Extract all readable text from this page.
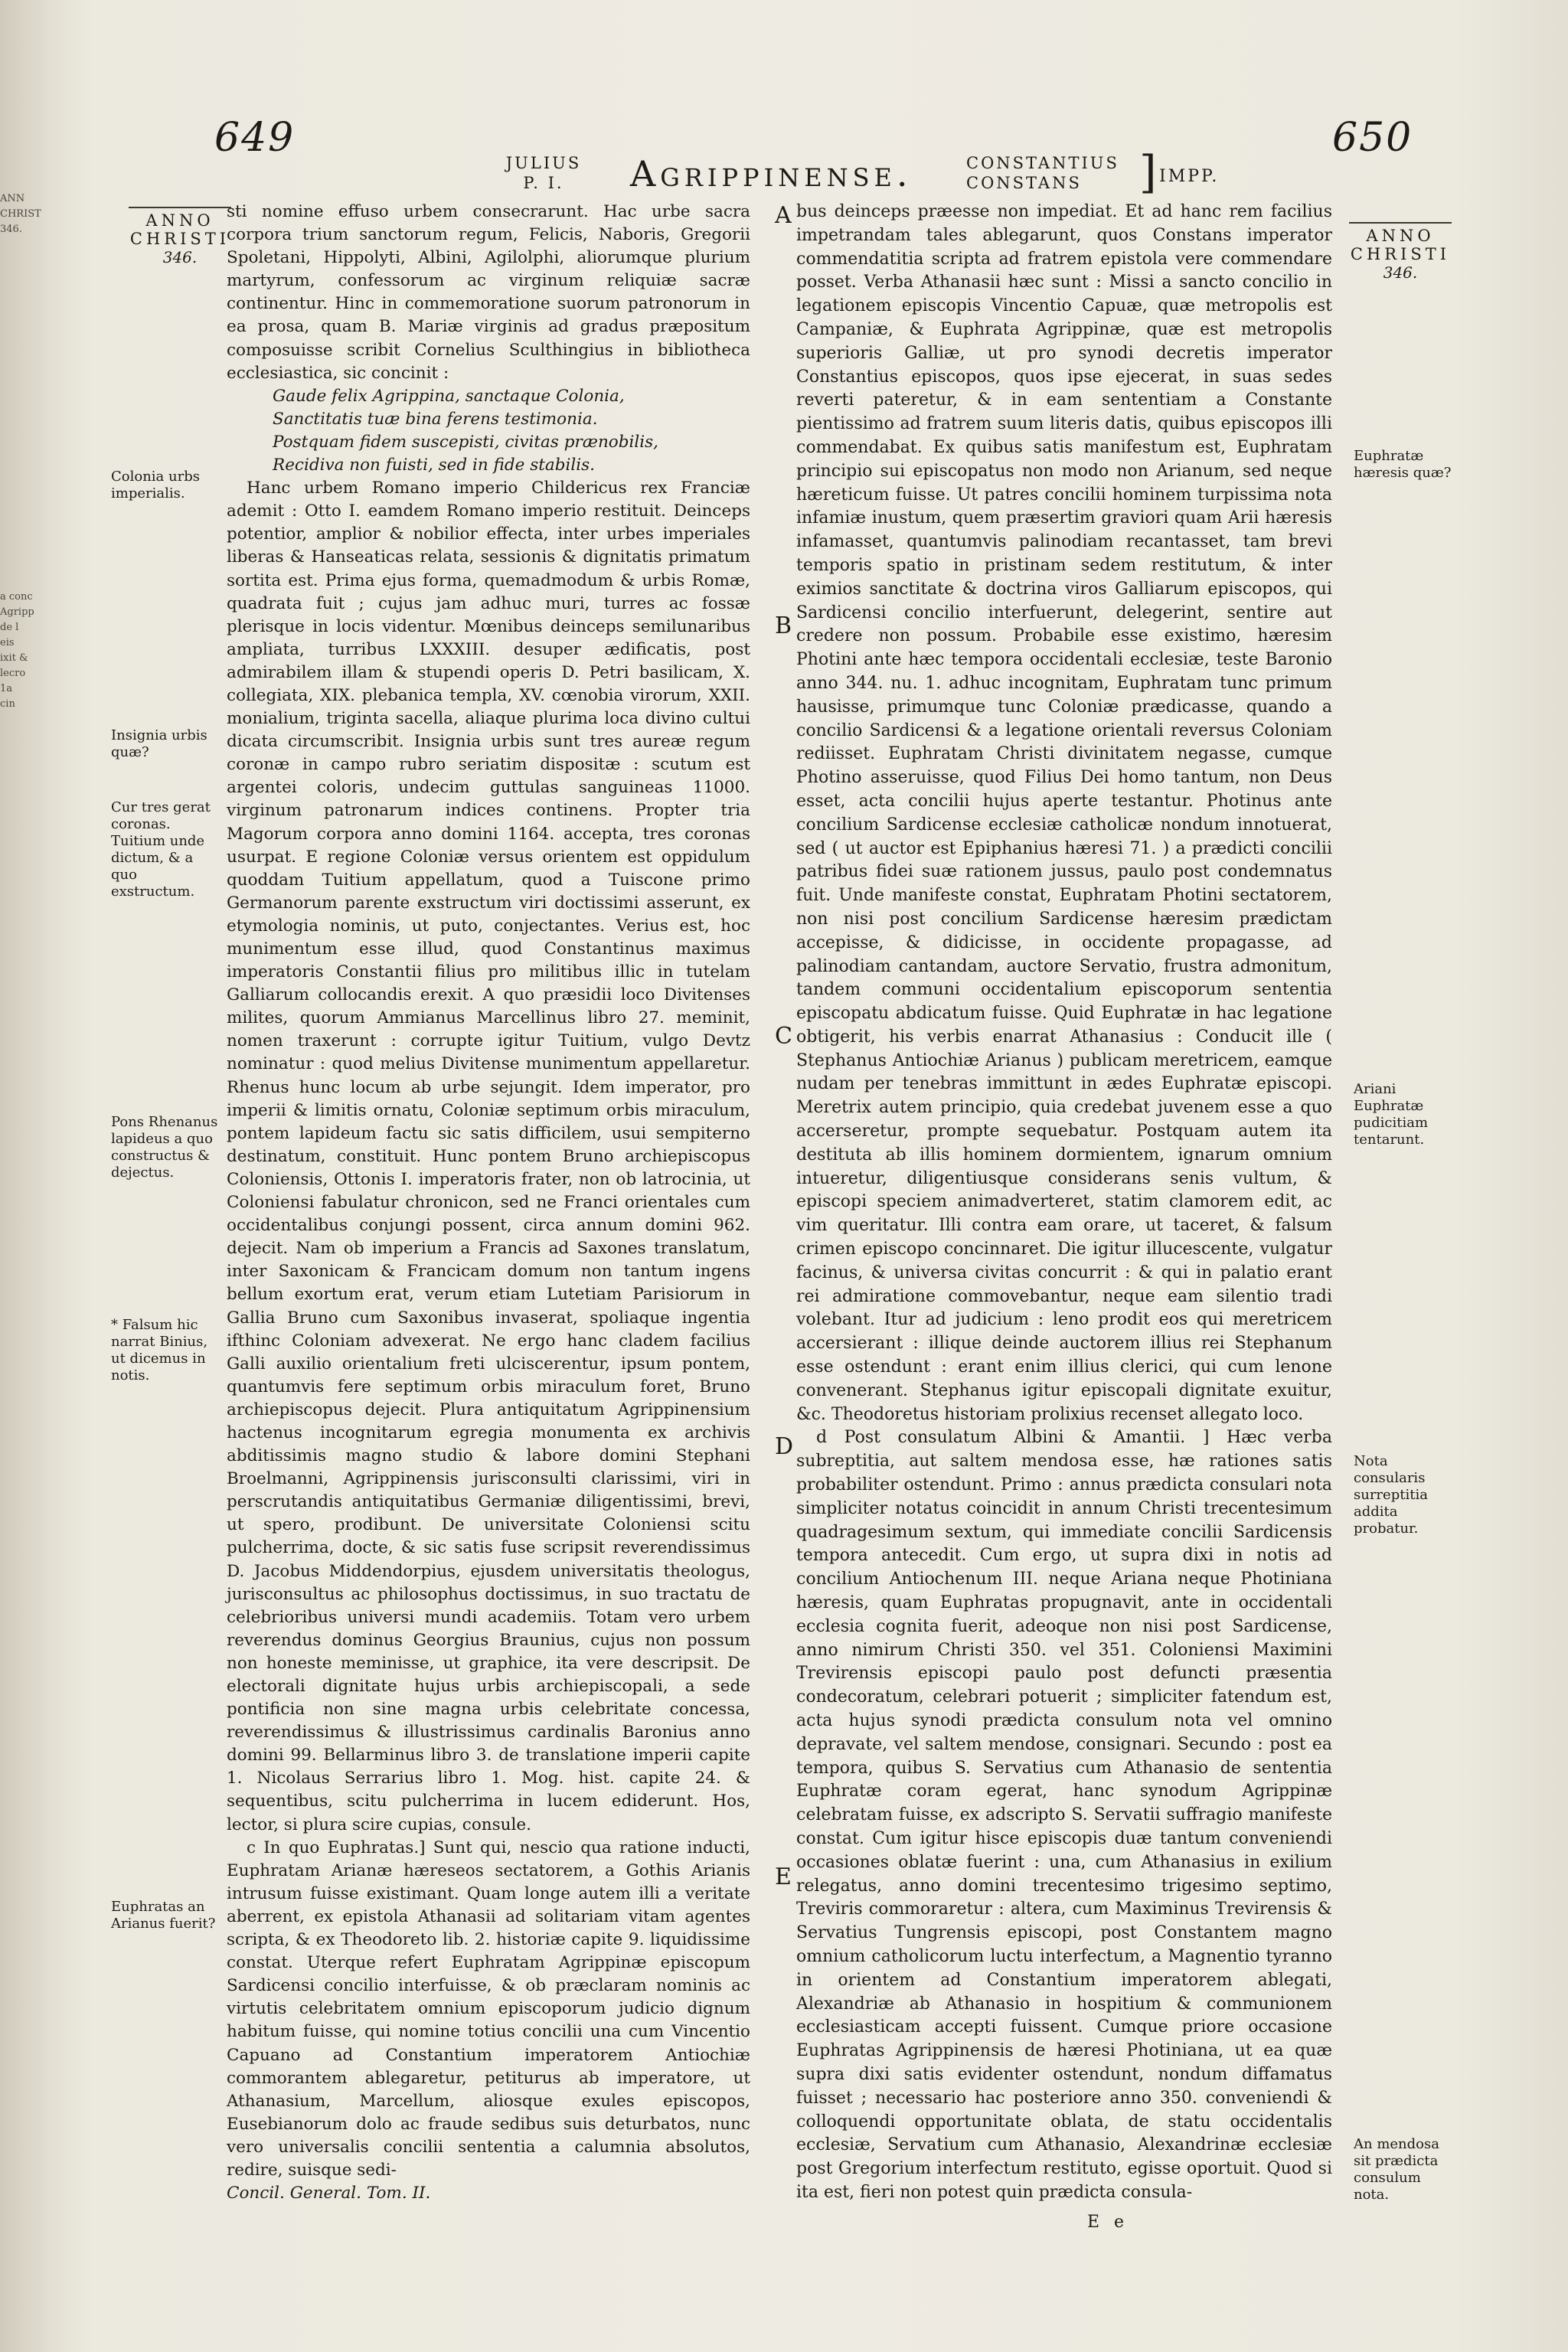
ANN
CHRIST
346.

a conc
Agripp
de l
eis
ixit &
lecro
1a
cin
649
JULIUS
P. I.	Agrippinense.	CONSTANTIUS
CONSTANS	] IMPP.
650
ANNO
CHRISTI
346.
ANNO
CHRISTI
346.
Colonia urbs imperialis.
Insignia urbis quæ?
Cur tres gerat coronas. Tuitium unde dictum, & a quo exstructum.
Pons Rhenanus lapideus a quo constructus & dejectus.
* Falsum hic narrat Binius, ut dicemus in notis.
Euphratas an Arianus fuerit?
Euphratæ hæresis quæ?
Ariani Euphratæ pudicitiam tentarunt.
Nota consularis surreptitia addita probatur.
An mendosa sit prædicta consulum nota.
A
B
C
D
E

sti nomine effuso urbem consecrarunt. Hac urbe sacra corpora trium sanctorum regum, Felicis, Naboris, Gregorii Spoletani, Hippolyti, Albini, Agilolphi, aliorumque plurium martyrum, confessorum ac virginum reliquiæ sacræ continentur. Hinc in commemoratione suorum patronorum in ea prosa, quam B. Mariæ virginis ad gradus præpositum composuisse scribit Cornelius Sculthingius in bibliotheca ecclesiastica, sic concinit :

Gaude felix Agrippina, sanctaque Colonia,

Sanctitatis tuæ bina ferens testimonia.

Postquam fidem suscepisti, civitas prænobilis,

Recidiva non fuisti, sed in fide stabilis.

Hanc urbem Romano imperio Childericus rex Franciæ ademit : Otto I. eamdem Romano imperio restituit. Deinceps potentior, amplior & nobilior effecta, inter urbes imperiales liberas & Hanseaticas relata, sessionis & dignitatis primatum sortita est. Prima ejus forma, quemadmodum & urbis Romæ, quadrata fuit ; cujus jam adhuc muri, turres ac fossæ plerisque in locis videntur. Mœnibus deinceps semilunaribus ampliata, turribus LXXXIII. desuper ædificatis, post admirabilem illam & stupendi operis D. Petri basilicam, X. collegiata, XIX. plebanica templa, XV. cœnobia virorum, XXII. monialium, triginta sacella, aliaque plurima loca divino cultui dicata circumscribit. Insignia urbis sunt tres aureæ regum coronæ in campo rubro seriatim dispositæ : scutum est argentei coloris, undecim guttulas sanguineas 11000. virginum patronarum indices continens. Propter tria Magorum corpora anno domini 1164. accepta, tres coronas usurpat. E regione Coloniæ versus orientem est oppidulum quoddam Tuitium appellatum, quod a Tuiscone primo Germanorum parente exstructum viri doctissimi asserunt, ex etymologia nominis, ut puto, conjectantes. Verius est, hoc munimentum esse illud, quod Constantinus maximus imperatoris Constantii filius pro militibus illic in tutelam Galliarum collocandis erexit. A quo præsidii loco Divitenses milites, quorum Ammianus Marcellinus libro 27. meminit, nomen traxerunt : corrupte igitur Tuitium, vulgo Devtz nominatur : quod melius Divitense munimentum appellaretur. Rhenus hunc locum ab urbe sejungit. Idem imperator, pro imperii & limitis ornatu, Coloniæ septimum orbis miraculum, pontem lapideum factu sic satis difficilem, usui sempiterno destinatum, constituit. Hunc pontem Bruno archiepiscopus Coloniensis, Ottonis I. imperatoris frater, non ob latrocinia, ut Coloniensi fabulatur chronicon, sed ne Franci orientales cum occidentalibus conjungi possent, circa annum domini 962. dejecit. Nam ob imperium a Francis ad Saxones translatum, inter Saxonicam & Francicam domum non tantum ingens bellum exortum erat, verum etiam Lutetiam Parisiorum in Gallia Bruno cum Saxonibus invaserat, spoliaque ingentia ifthinc Coloniam advexerat. Ne ergo hanc cladem facilius Galli auxilio orientalium freti ulciscerentur, ipsum pontem, quantumvis fere septimum orbis miraculum foret, Bruno archiepiscopus dejecit. Plura antiquitatum Agrippinensium hactenus incognitarum egregia monumenta ex archivis abditissimis magno studio & labore domini Stephani Broelmanni, Agrippinensis jurisconsulti clarissimi, viri in perscrutandis antiquitatibus Germaniæ diligentissimi, brevi, ut spero, prodibunt. De universitate Coloniensi scitu pulcherrima, docte, & sic satis fuse scripsit reverendissimus D. Jacobus Middendorpius, ejusdem universitatis theologus, jurisconsultus ac philosophus doctissimus, in suo tractatu de celebrioribus universi mundi academiis. Totam vero urbem reverendus dominus Georgius Braunius, cujus non possum non honeste meminisse, ut graphice, ita vere descripsit. De electorali dignitate hujus urbis archiepiscopali, a sede pontificia non sine magna urbis celebritate concessa, reverendissimus & illustrissimus cardinalis Baronius anno domini 99. Bellarminus libro 3. de translatione imperii capite 1. Nicolaus Serrarius libro 1. Mog. hist. capite 24. & sequentibus, scitu pulcherrima in lucem ediderunt. Hos, lector, si plura scire cupias, consule.

c In quo Euphratas.] Sunt qui, nescio qua ratione inducti, Euphratam Arianæ hæreseos sectatorem, a Gothis Arianis intrusum fuisse existimant. Quam longe autem illi a veritate aberrent, ex epistola Athanasii ad solitariam vitam agentes scripta, & ex Theodoreto lib. 2. historiæ capite 9. liquidissime constat. Uterque refert Euphratam Agrippinæ episcopum Sardicensi concilio interfuisse, & ob præclaram nominis ac virtutis celebritatem omnium episcoporum judicio dignum habitum fuisse, qui nomine totius concilii una cum Vincentio Capuano ad Constantium imperatorem Antiochiæ commorantem ablegaretur, petiturus ab imperatore, ut Athanasium, Marcellum, aliosque exules episcopos, Eusebianorum dolo ac fraude sedibus suis deturbatos, nunc vero universalis concilii sententia a calumnia absolutos, redire, suisque sedi-

Concil. General. Tom. II.

bus deinceps præesse non impediat. Et ad hanc rem facilius impetrandam tales ablegarunt, quos Constans imperator commendatitia scripta ad fratrem epistola vere commendare posset. Verba Athanasii hæc sunt : Missi a sancto concilio in legationem episcopis Vincentio Capuæ, quæ metropolis est Campaniæ, & Euphrata Agrippinæ, quæ est metropolis superioris Galliæ, ut pro synodi decretis imperator Constantius episcopos, quos ipse ejecerat, in suas sedes reverti pateretur, & in eam sententiam a Constante pientissimo ad fratrem suum literis datis, quibus episcopos illi commendabat. Ex quibus satis manifestum est, Euphratam principio sui episcopatus non modo non Arianum, sed neque hæreticum fuisse. Ut patres concilii hominem turpissima nota infamiæ inustum, quem præsertim graviori quam Arii hæresis infamasset, quantumvis palinodiam recantasset, tam brevi temporis spatio in pristinam sedem restitutum, & inter eximios sanctitate & doctrina viros Galliarum episcopos, qui Sardicensi concilio interfuerunt, delegerint, sentire aut credere non possum. Probabile esse existimo, hæresim Photini ante hæc tempora occidentali ecclesiæ, teste Baronio anno 344. nu. 1. adhuc incognitam, Euphratam tunc primum hausisse, primumque tunc Coloniæ prædicasse, quando a concilio Sardicensi & a legatione orientali reversus Coloniam rediisset. Euphratam Christi divinitatem negasse, cumque Photino asseruisse, quod Filius Dei homo tantum, non Deus esset, acta concilii hujus aperte testantur. Photinus ante concilium Sardicense ecclesiæ catholicæ nondum innotuerat, sed ( ut auctor est Epiphanius hæresi 71. ) a prædicti concilii patribus fidei suæ rationem jussus, paulo post condemnatus fuit. Unde manifeste constat, Euphratam Photini sectatorem, non nisi post concilium Sardicense hæresim prædictam accepisse, & didicisse, in occidente propagasse, ad palinodiam cantandam, auctore Servatio, frustra admonitum, tandem communi occidentalium episcoporum sententia episcopatu abdicatum fuisse. Quid Euphratæ in hac legatione obtigerit, his verbis enarrat Athanasius : Conducit ille ( Stephanus Antiochiæ Arianus ) publicam meretricem, eamque nudam per tenebras immittunt in ædes Euphratæ episcopi. Meretrix autem principio, quia credebat juvenem esse a quo accerseretur, prompte sequebatur. Postquam autem ita destituta ab illis hominem dormientem, ignarum omnium intueretur, diligentiusque considerans senis vultum, & episcopi speciem animadverteret, statim clamorem edit, ac vim queritatur. Illi contra eam orare, ut taceret, & falsum crimen episcopo concinnaret. Die igitur illucescente, vulgatur facinus, & universa civitas concurrit : & qui in palatio erant rei admiratione commovebantur, neque eam silentio tradi volebant. Itur ad judicium : leno prodit eos qui meretricem accersierant : illique deinde auctorem illius rei Stephanum esse ostendunt : erant enim illius clerici, qui cum lenone convenerant. Stephanus igitur episcopali dignitate exuitur, &c. Theodoretus historiam prolixius recenset allegato loco.

d Post consulatum Albini & Amantii. ] Hæc verba subreptitia, aut saltem mendosa esse, hæ rationes satis probabiliter ostendunt. Primo : annus prædicta consulari nota simpliciter notatus coincidit in annum Christi trecentesimum quadragesimum sextum, qui immediate concilii Sardicensis tempora antecedit. Cum ergo, ut supra dixi in notis ad concilium Antiochenum III. neque Ariana neque Photiniana hæresis, quam Euphratas propugnavit, ante in occidentali ecclesia cognita fuerit, adeoque non nisi post Sardicense, anno nimirum Christi 350. vel 351. Coloniensi Maximini Trevirensis episcopi paulo post defuncti præsentia condecoratum, celebrari potuerit ; simpliciter fatendum est, acta hujus synodi prædicta consulum nota vel omnino depravate, vel saltem mendose, consignari. Secundo : post ea tempora, quibus S. Servatius cum Athanasio de sententia Euphratæ coram egerat, hanc synodum Agrippinæ celebratam fuisse, ex adscripto S. Servatii suffragio manifeste constat. Cum igitur hisce episcopis duæ tantum conveniendi occasiones oblatæ fuerint : una, cum Athanasius in exilium relegatus, anno domini trecentesimo trigesimo septimo, Treviris commoraretur : altera, cum Maximinus Trevirensis & Servatius Tungrensis episcopi, post Constantem magno omnium catholicorum luctu interfectum, a Magnentio tyranno in orientem ad Constantium imperatorem ablegati, Alexandriæ ab Athanasio in hospitium & communionem ecclesiasticam accepti fuissent. Cumque priore occasione Euphratas Agrippinensis de hæresi Photiniana, ut ea quæ supra dixi satis evidenter ostendunt, nondum diffamatus fuisset ; necessario hac posteriore anno 350. conveniendi & colloquendi opportunitate oblata, de statu occidentalis ecclesiæ, Servatium cum Athanasio, Alexandrinæ ecclesiæ post Gregorium interfectum restituto, egisse oportuit. Quod si ita est, fieri non potest quin prædicta consula-

E e
